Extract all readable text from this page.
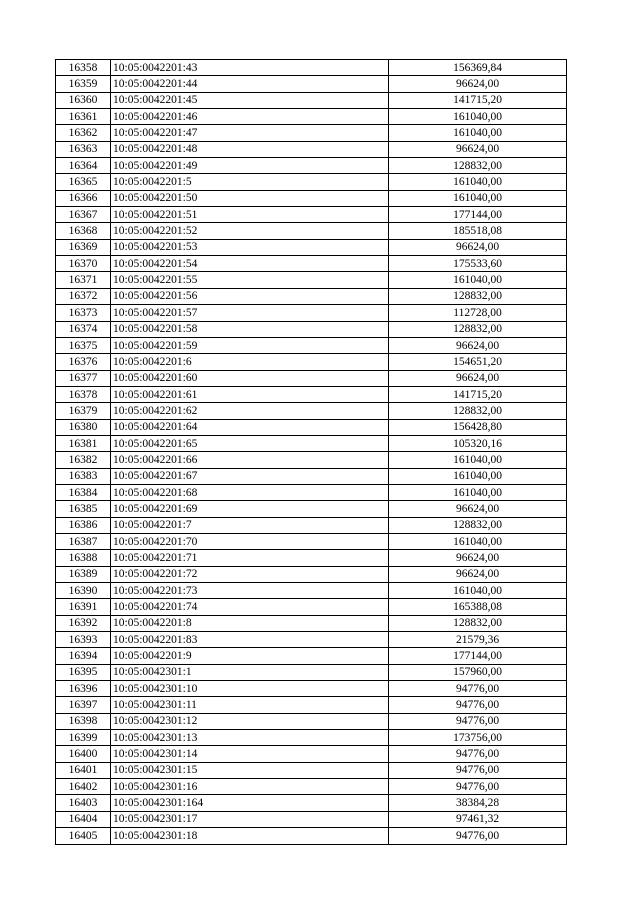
16358	10:05:0042201:43	156369,84
16359	10:05:0042201:44	96624,00
16360	10:05:0042201:45	141715,20
16361	10:05:0042201:46	161040,00
16362	10:05:0042201:47	161040,00
16363	10:05:0042201:48	96624,00
16364	10:05:0042201:49	128832,00
16365	10:05:0042201:5	161040,00
16366	10:05:0042201:50	161040,00
16367	10:05:0042201:51	177144,00
16368	10:05:0042201:52	185518,08
16369	10:05:0042201:53	96624,00
16370	10:05:0042201:54	175533,60
16371	10:05:0042201:55	161040,00
16372	10:05:0042201:56	128832,00
16373	10:05:0042201:57	112728,00
16374	10:05:0042201:58	128832,00
16375	10:05:0042201:59	96624,00
16376	10:05:0042201:6	154651,20
16377	10:05:0042201:60	96624,00
16378	10:05:0042201:61	141715,20
16379	10:05:0042201:62	128832,00
16380	10:05:0042201:64	156428,80
16381	10:05:0042201:65	105320,16
16382	10:05:0042201:66	161040,00
16383	10:05:0042201:67	161040,00
16384	10:05:0042201:68	161040,00
16385	10:05:0042201:69	96624,00
16386	10:05:0042201:7	128832,00
16387	10:05:0042201:70	161040,00
16388	10:05:0042201:71	96624,00
16389	10:05:0042201:72	96624,00
16390	10:05:0042201:73	161040,00
16391	10:05:0042201:74	165388,08
16392	10:05:0042201:8	128832,00
16393	10:05:0042201:83	21579,36
16394	10:05:0042201:9	177144,00
16395	10:05:0042301:1	157960,00
16396	10:05:0042301:10	94776,00
16397	10:05:0042301:11	94776,00
16398	10:05:0042301:12	94776,00
16399	10:05:0042301:13	173756,00
16400	10:05:0042301:14	94776,00
16401	10:05:0042301:15	94776,00
16402	10:05:0042301:16	94776,00
16403	10:05:0042301:164	38384,28
16404	10:05:0042301:17	97461,32
16405	10:05:0042301:18	94776,00
